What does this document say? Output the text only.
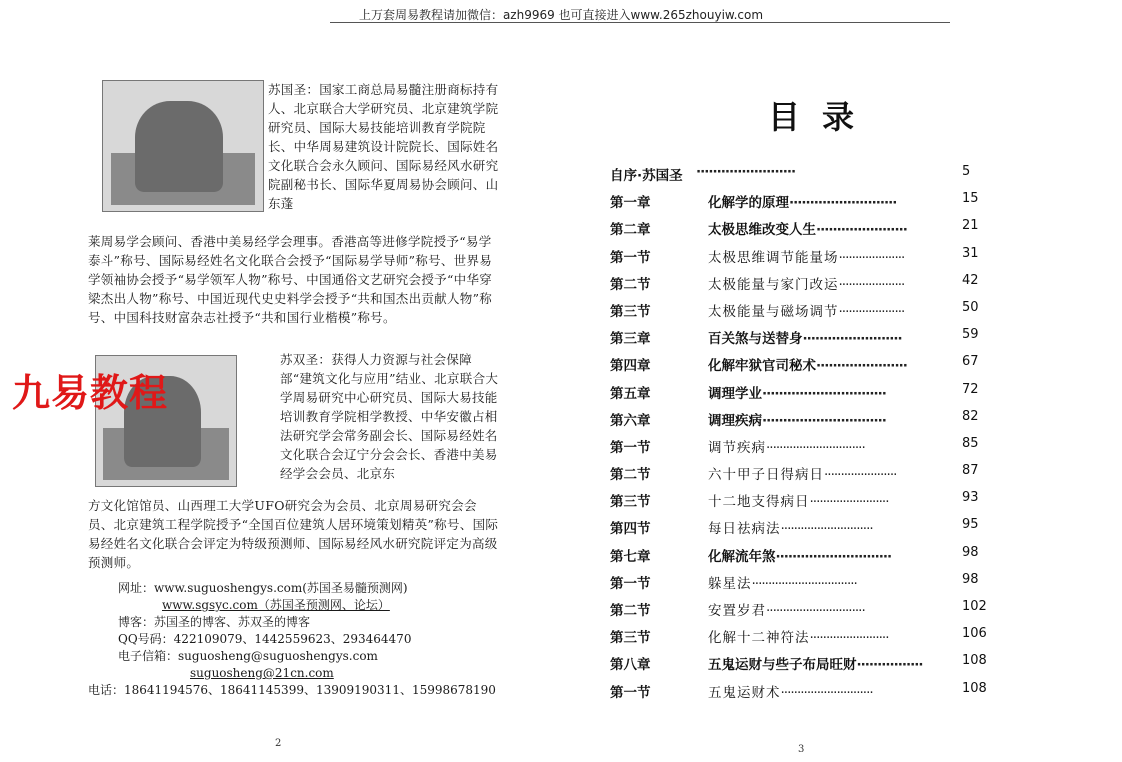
上万套周易教程请加微信：azh9969 也可直接进入www.265zhouyiw.com
苏国圣：国家工商总局易髓注册商标持有人、北京联合大学研究员、北京建筑学院研究员、国际大易技能培训教育学院院长、中华周易建筑设计院院长、国际姓名文化联合会永久顾问、国际易经风水研究院副秘书长、国际华夏周易协会顾问、山东蓬
莱周易学会顾问、香港中美易经学会理事。香港高等进修学院授予“易学泰斗”称号、国际易经姓名文化联合会授予“国际易学导师”称号、世界易学领袖协会授予“易学领军人物”称号、中国通俗文艺研究会授予“中华穿梁杰出人物”称号、中国近现代史史料学会授予“共和国杰出贡献人物”称号、中国科技财富杂志社授予“共和国行业楷模”称号。
苏双圣：获得人力资源与社会保障部“建筑文化与应用”结业、北京联合大学周易研究中心研究员、国际大易技能培训教育学院相学教授、中华安徽占相法研究学会常务副会长、国际易经姓名文化联合会辽宁分会会长、香港中美易经学会会员、北京东
方文化馆馆员、山西理工大学UFO研究会为会员、北京周易研究会会员、北京建筑工程学院授予“全国百位建筑人居环境策划精英”称号、国际易经姓名文化联合会评定为特级预测师、国际易经风水研究院评定为高级预测师。
网址：www.suguoshengys.com(苏国圣易髓预测网)
www.sgsyc.com（苏国圣预测网、论坛）
博客：苏国圣的博客、苏双圣的博客
QQ号码：422109079、1442559623、293464470
电子信箱：suguosheng@suguoshengys.com
suguosheng@21cn.com
电话：18641194576、18641145399、13909190311、15998678190
九易教程
2
目录
自序·苏国圣 ························	5
第一章	化解学的原理··························	15
第二章	太极思维改变人生······················	21
第一节	太极思维调节能量场····················	31
第二节	太极能量与家门改运····················	42
第三节	太极能量与磁场调节····················	50
第三章	百关煞与送替身························	59
第四章	化解牢狱官司秘术······················	67
第五章	调理学业······························	72
第六章	调理疾病······························	82
第一节	调节疾病······························	85
第二节	六十甲子日得病日······················	87
第三节	十二地支得病日························	93
第四节	每日祛病法····························	95
第七章	化解流年煞····························	98
第一节	躲星法································	98
第二节	安置岁君······························	102
第三节	化解十二神符法························	106
第八章	五鬼运财与些子布局旺财················	108
第一节	五鬼运财术····························	108
3
